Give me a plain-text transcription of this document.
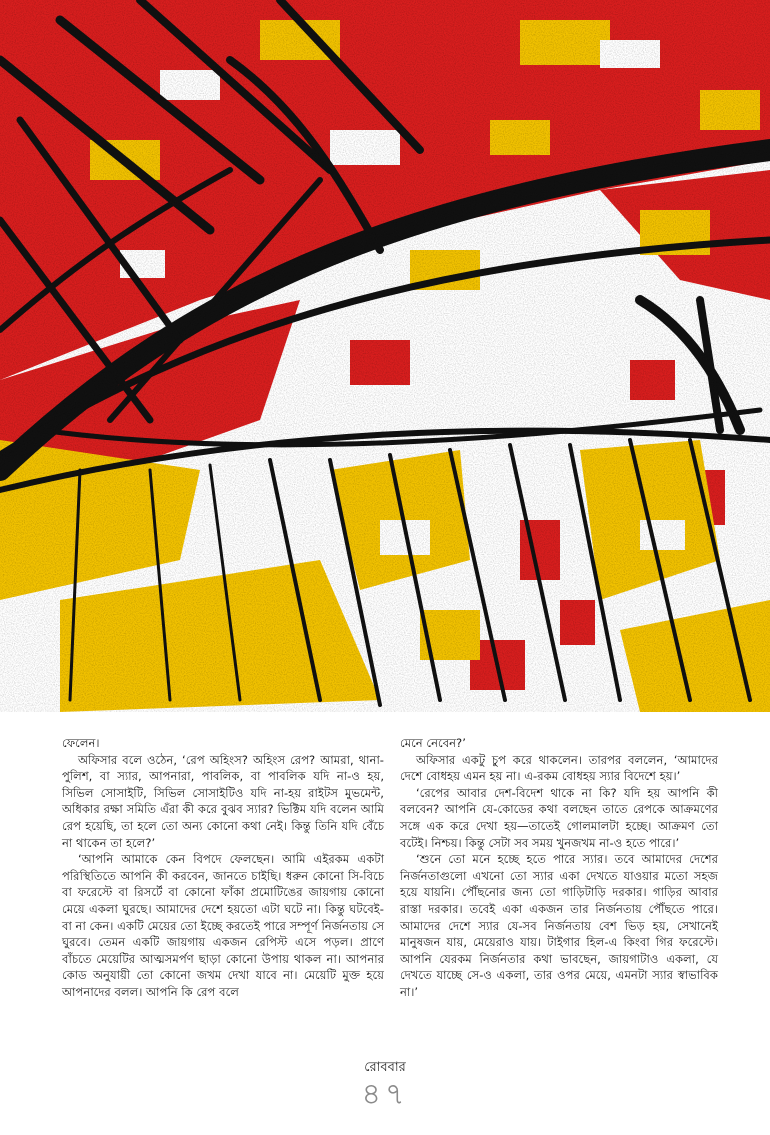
ফেলেন।

অফিসার বলে ওঠেন, ‘রেপ অহিংস? অহিংস রেপ? আমরা, থানা-পুলিশ, বা স্যার, আপনারা, পাবলিক, বা পাবলিক যদি না-ও হয়, সিভিল সোসাইটি, সিভিল সোসাইটিও যদি না-হয় রাইটস মুভমেন্ট, অধিকার রক্ষা সমিতি এঁরা কী করে বুঝব স্যার? ভিক্টিম যদি বলেন আমি রেপ হয়েছি, তা হলে তো অন্য কোনো কথা নেই। কিন্তু তিনি যদি বেঁচে না থাকেন তা হলে?’

‘আপনি আমাকে কেন বিপদে ফেলছেন। আমি এইরকম একটা পরিস্থিতিতে আপনি কী করবেন, জানতে চাইছি। ধরুন কোনো সি-বিচে বা ফরেস্টে বা রিসর্টে বা কোনো ফাঁকা প্রমোটিঙের জায়গায় কোনো মেয়ে একলা ঘুরছে। আমাদের দেশে হয়তো এটা ঘটে না। কিন্তু ঘটবেই-বা না কেন। একটি মেয়ের তো ইচ্ছে করতেই পারে সম্পূর্ণ নির্জনতায় সে ঘুরবে। তেমন একটি জায়গায় একজন রেপিস্ট এসে পড়ল। প্রাণে বাঁচতে মেয়েটির আত্মসমর্পণ ছাড়া কোনো উপায় থাকল না। আপনার কোড অনুযায়ী তো কোনো জখম দেখা যাবে না। মেয়েটি মুক্ত হয়ে আপনাদের বলল। আপনি কি রেপ বলে

মেনে নেবেন?’

অফিসার একটু চুপ করে থাকলেন। তারপর বললেন, ‘আমাদের দেশে বোধহয় এমন হয় না। এ-রকম বোধহয় স্যার বিদেশে হয়।’

‘রেপের আবার দেশ-বিদেশ থাকে না কি? যদি হয় আপনি কী বলবেন? আপনি যে-কোডের কথা বলছেন তাতে রেপকে আক্রমণের সঙ্গে এক করে দেখা হয়—তাতেই গোলমালটা হচ্ছে। আক্রমণ তো বটেই। নিশ্চয়। কিন্তু সেটা সব সময় খুনজখম না-ও হতে পারে।’

‘শুনে তো মনে হচ্ছে হতে পারে স্যার। তবে আমাদের দেশের নির্জনতাগুলো এখনো তো স্যার একা দেখতে যাওয়ার মতো সহজ হয়ে যায়নি। পৌঁছনোর জন্য তো গাড়িটাড়ি দরকার। গাড়ির আবার রাস্তা দরকার। তবেই একা একজন তার নির্জনতায় পৌঁছতে পারে। আমাদের দেশে স্যার যে-সব নির্জনতায় বেশ ভিড় হয়, সেখানেই মানুষজন যায়, মেয়েরাও যায়। টাইগার হিল-এ কিংবা গির ফরেস্টে। আপনি যেরকম নির্জনতার কথা ভাবছেন, জায়গাটাও একলা, যে দেখতে যাচ্ছে সে-ও একলা, তার ওপর মেয়ে, এমনটা স্যার স্বাভাবিক না।’

রোববার
৪৭
